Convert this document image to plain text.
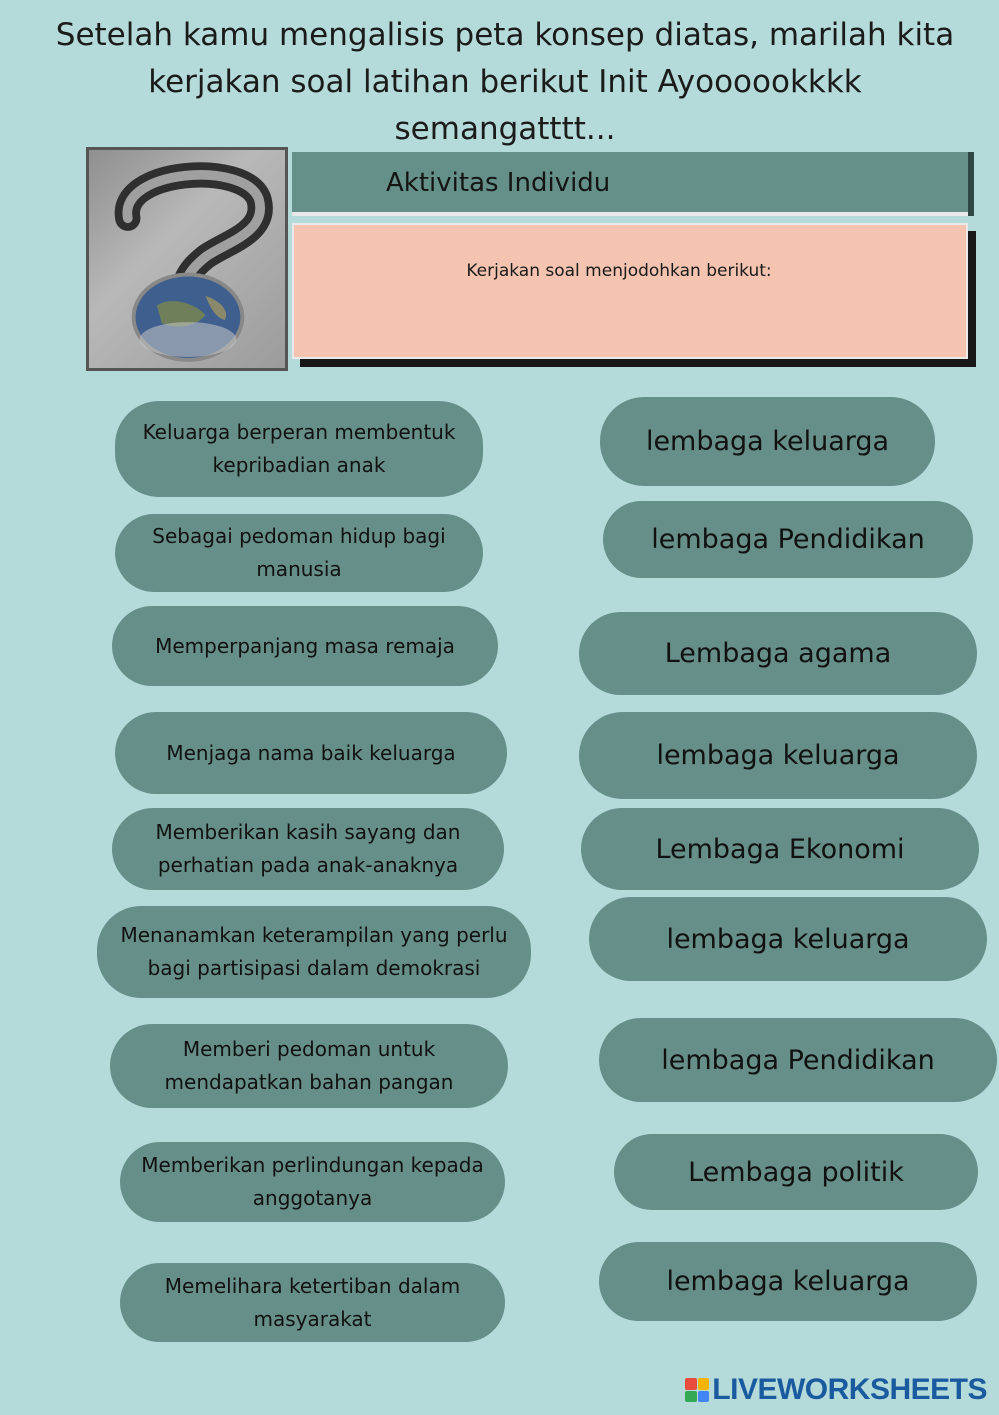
Setelah kamu mengalisis peta konsep diatas, marilah kita kerjakan soal latihan berikut Init Ayoooookkkk semangatttt...
Aktivitas Individu
Kerjakan soal menjodohkan berikut:
Keluarga berperan membentuk kepribadian anak
Sebagai pedoman hidup bagi manusia
Memperpanjang masa remaja
Menjaga nama baik keluarga
Memberikan kasih sayang dan perhatian pada anak-anaknya
Menanamkan keterampilan yang perlu bagi partisipasi dalam demokrasi
Memberi pedoman untuk mendapatkan bahan pangan
Memberikan perlindungan kepada anggotanya
Memelihara ketertiban dalam masyarakat
lembaga keluarga
lembaga Pendidikan
Lembaga agama
lembaga keluarga
Lembaga Ekonomi
lembaga keluarga
lembaga Pendidikan
Lembaga politik
lembaga keluarga
LIVEWORKSHEETS
